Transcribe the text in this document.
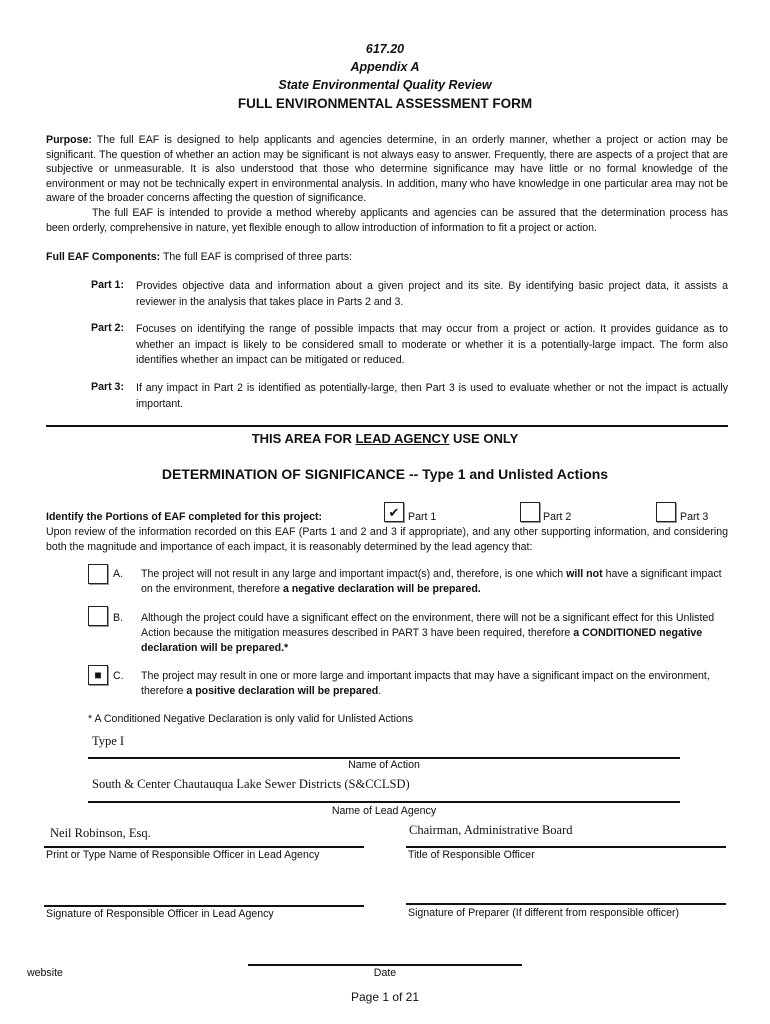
617.20
Appendix A
State Environmental Quality Review
FULL ENVIRONMENTAL ASSESSMENT FORM
Purpose: The full EAF is designed to help applicants and agencies determine, in an orderly manner, whether a project or action may be significant. The question of whether an action may be significant is not always easy to answer. Frequently, there are aspects of a project that are subjective or unmeasurable. It is also understood that those who determine significance may have little or no formal knowledge of the environment or may not be technically expert in environmental analysis. In addition, many who have knowledge in one particular area may not be aware of the broader concerns affecting the question of significance.
The full EAF is intended to provide a method whereby applicants and agencies can be assured that the determination process has been orderly, comprehensive in nature, yet flexible enough to allow introduction of information to fit a project or action.
Full EAF Components: The full EAF is comprised of three parts:
Part 1: Provides objective data and information about a given project and its site. By identifying basic project data, it assists a reviewer in the analysis that takes place in Parts 2 and 3.
Part 2: Focuses on identifying the range of possible impacts that may occur from a project or action. It provides guidance as to whether an impact is likely to be considered small to moderate or whether it is a potentially-large impact. The form also identifies whether an impact can be mitigated or reduced.
Part 3: If any impact in Part 2 is identified as potentially-large, then Part 3 is used to evaluate whether or not the impact is actually important.
THIS AREA FOR LEAD AGENCY USE ONLY
DETERMINATION OF SIGNIFICANCE -- Type 1 and Unlisted Actions
Identify the Portions of EAF completed for this project:	✔ Part 1	Part 2	Part 3
Upon review of the information recorded on this EAF (Parts 1 and 2 and 3 if appropriate), and any other supporting information, and considering both the magnitude and importance of each impact, it is reasonably determined by the lead agency that:
A. The project will not result in any large and important impact(s) and, therefore, is one which will not have a significant impact on the environment, therefore a negative declaration will be prepared.
B. Although the project could have a significant effect on the environment, there will not be a significant effect for this Unlisted Action because the mitigation measures described in PART 3 have been required, therefore a CONDITIONED negative declaration will be prepared.*
■ C. The project may result in one or more large and important impacts that may have a significant impact on the environment, therefore a positive declaration will be prepared.
* A Conditioned Negative Declaration is only valid for Unlisted Actions
Type I
Name of Action
South & Center Chautauqua Lake Sewer Districts (S&CCLSD)
Name of Lead Agency
Neil Robinson, Esq.	Chairman, Administrative Board
Print or Type Name of Responsible Officer in Lead Agency	Title of Responsible Officer
Signature of Responsible Officer in Lead Agency	Signature of Preparer (If different from responsible officer)
website	Date
Page 1 of 21
